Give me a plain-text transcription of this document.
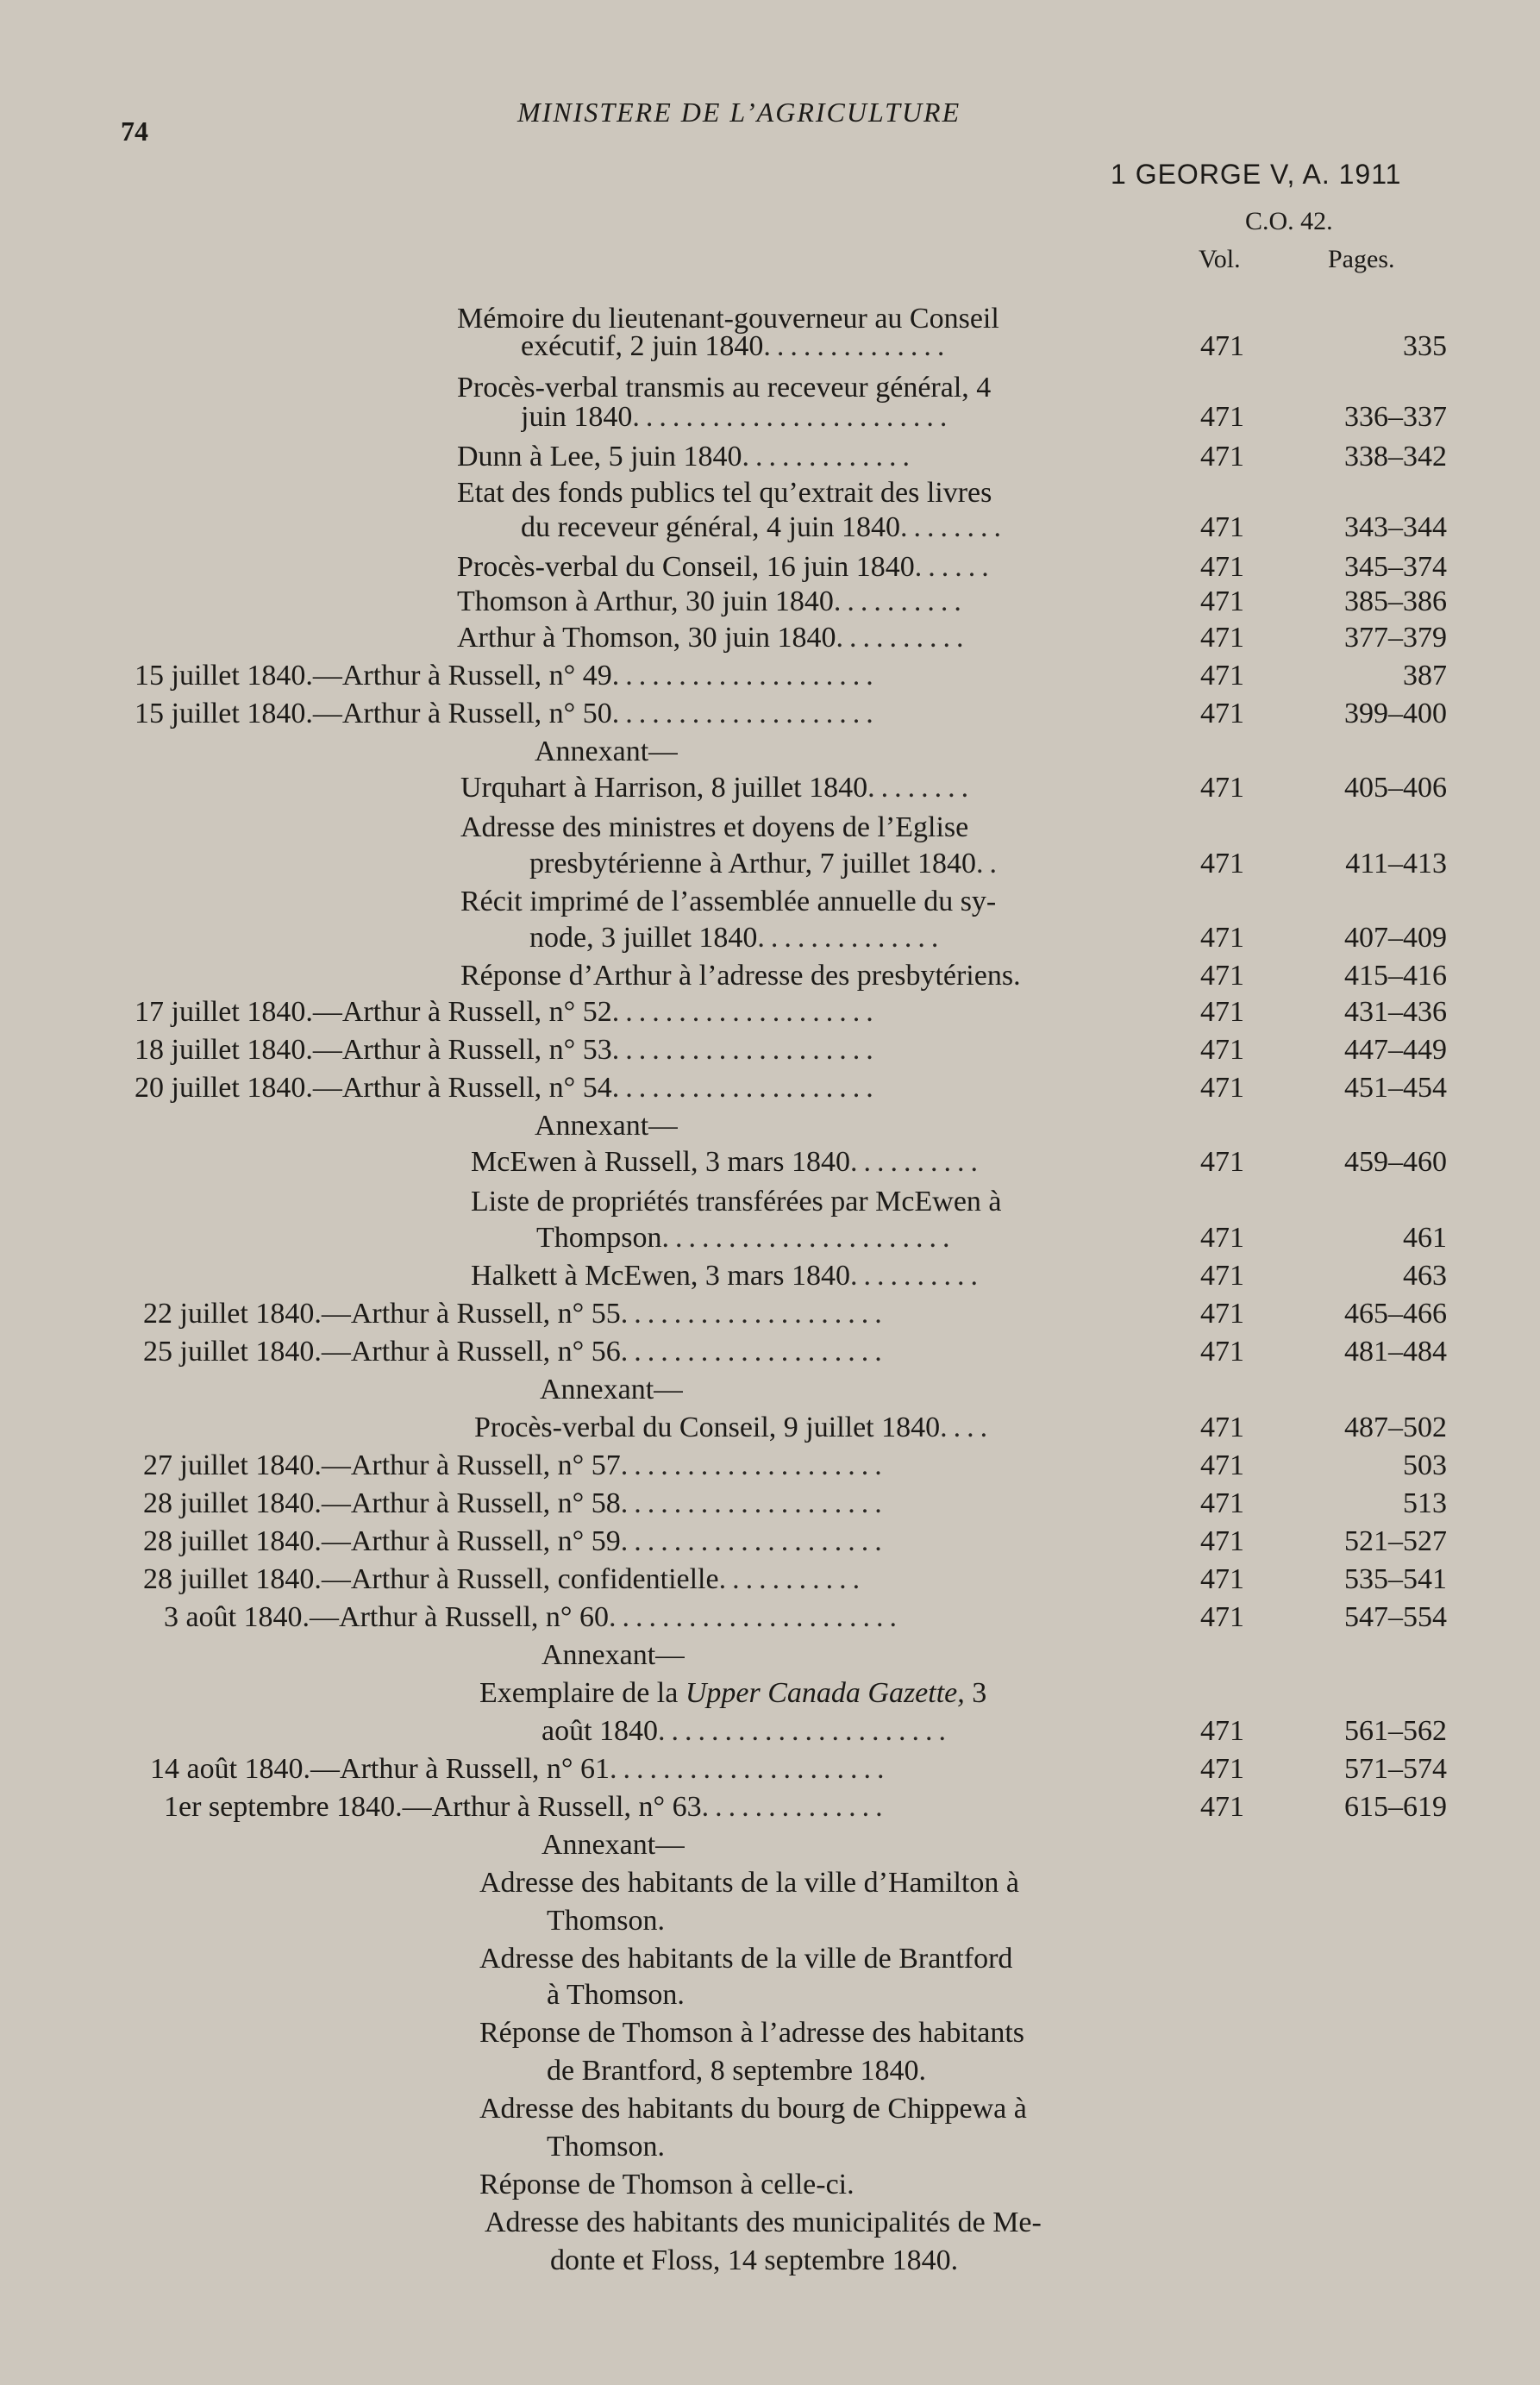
74
MINISTERE DE L’AGRICULTURE
1 GEORGE V, A. 1911
C.O. 42.
Vol.	Pages.
Mémoire du lieutenant-gouverneur au Conseil
exécutif, 2 juin 1840..............	471	335
Procès-verbal transmis au receveur général, 4
juin 1840........................	471	336–337
Dunn à Lee, 5 juin 1840.............	471	338–342
Etat des fonds publics tel qu’extrait des livres
du receveur général, 4 juin 1840........	471	343–344
Procès-verbal du Conseil, 16 juin 1840......	471	345–374
Thomson à Arthur, 30 juin 1840..........	471	385–386
Arthur à Thomson, 30 juin 1840..........	471	377–379
15 juillet 1840.—Arthur à Russell, n° 49....................	471	387
15 juillet 1840.—Arthur à Russell, n° 50....................	471	399–400
Annexant—
Urquhart à Harrison, 8 juillet 1840........	471	405–406
Adresse des ministres et doyens de l’Eglise
presbytérienne à Arthur, 7 juillet 1840..	471	411–413
Récit imprimé de l’assemblée annuelle du sy-
node, 3 juillet 1840..............	471	407–409
Réponse d’Arthur à l’adresse des presbytériens.	471	415–416
17 juillet 1840.—Arthur à Russell, n° 52....................	471	431–436
18 juillet 1840.—Arthur à Russell, n° 53....................	471	447–449
20 juillet 1840.—Arthur à Russell, n° 54....................	471	451–454
Annexant—
McEwen à Russell, 3 mars 1840..........	471	459–460
Liste de propriétés transférées par McEwen à
Thompson......................	471	461
Halkett à McEwen, 3 mars 1840..........	471	463
22 juillet 1840.—Arthur à Russell, n° 55....................	471	465–466
25 juillet 1840.—Arthur à Russell, n° 56....................	471	481–484
Annexant—
Procès-verbal du Conseil, 9 juillet 1840....	471	487–502
27 juillet 1840.—Arthur à Russell, n° 57....................	471	503
28 juillet 1840.—Arthur à Russell, n° 58....................	471	513
28 juillet 1840.—Arthur à Russell, n° 59....................	471	521–527
28 juillet 1840.—Arthur à Russell, confidentielle...........	471	535–541
3 août 1840.—Arthur à Russell, n° 60......................	471	547–554
Annexant—
Exemplaire de la Upper Canada Gazette, 3
août 1840......................	471	561–562
14 août 1840.—Arthur à Russell, n° 61.....................	471	571–574
1er septembre 1840.—Arthur à Russell, n° 63..............	471	615–619
Annexant—
Adresse des habitants de la ville d’Hamilton à
Thomson.
Adresse des habitants de la ville de Brantford
à Thomson.
Réponse de Thomson à l’adresse des habitants
de Brantford, 8 septembre 1840.
Adresse des habitants du bourg de Chippewa à
Thomson.
Réponse de Thomson à celle-ci.
Adresse des habitants des municipalités de Me-
donte et Floss, 14 septembre 1840.
